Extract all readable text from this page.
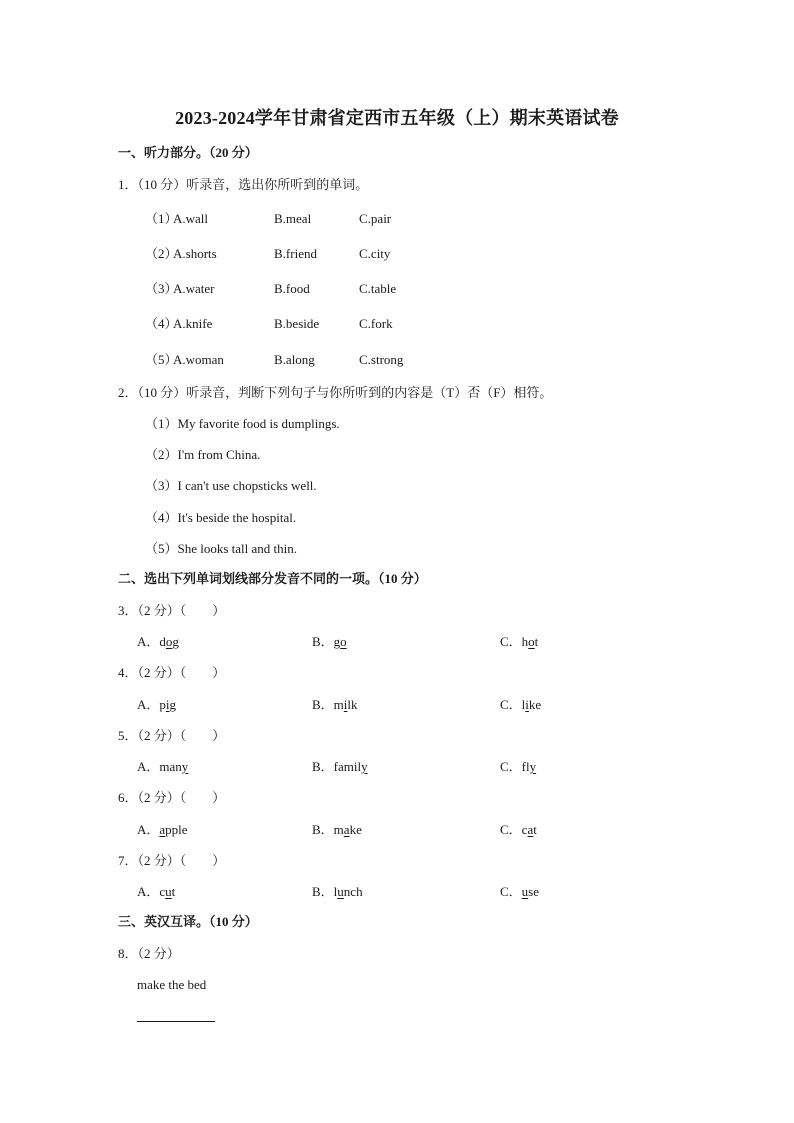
2023-2024学年甘肃省定西市五年级（上）期末英语试卷
一、听力部分。（20 分）
1．（10 分）听录音，选出你所听到的单词。
（1）
A.wall	B.meal	C.pair
（2）
A.shorts	B.friend	C.city
（3）
A.water	B.food	C.table
（4）
A.knife	B.beside	C.fork
（5）
A.woman	B.along	C.strong
2．（10 分）听录音，判断下列句子与你所听到的内容是（T）否（F）相符。
（1）My favorite food is dumplings.
（2）I'm from China.
（3）I can't use chopsticks well.
（4）It's beside the hospital.
（5）She looks tall and thin.
二、选出下列单词划线部分发音不同的一项。（10 分）
3．（2 分）（　　）
A．dog	B．go	C．hot
4．（2 分）（　　）
A．pig	B．milk	C．like
5．（2 分）（　　）
A．many	B．family	C．fly
6．（2 分）（　　）
A．apple	B．make	C．cat
7．（2 分）（　　）
A．cut	B．lunch	C．use
三、英汉互译。（10 分）
8．（2 分）
make the bed
